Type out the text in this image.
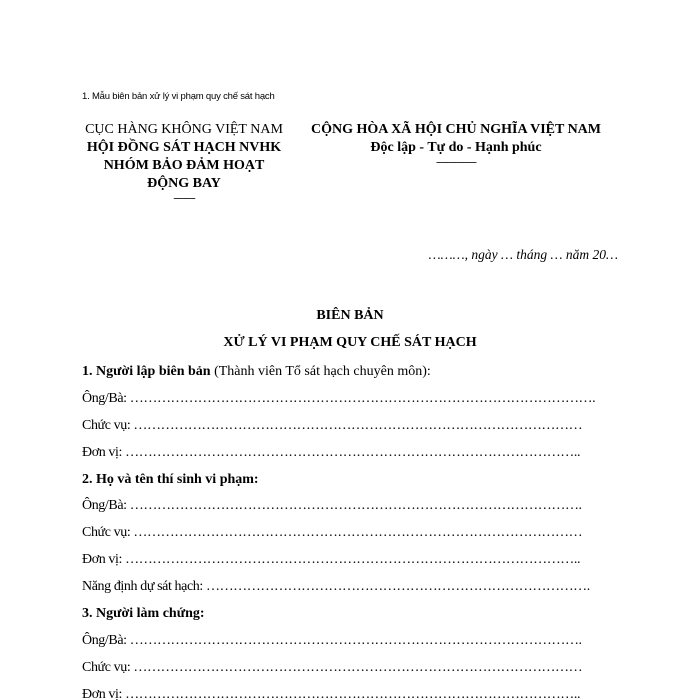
1. Mẫu biên bản xử lý vi phạm quy chế sát hạch
CỤC HÀNG KHÔNG VIỆT NAM
HỘI ĐỒNG SÁT HẠCH NVHK
NHÓM BẢO ĐẢM HOẠT ĐỘNG BAY
--------
CỘNG HÒA XÃ HỘI CHỦ NGHĨA VIỆT NAM
Độc lập - Tự do - Hạnh phúc
---------------
………, ngày … tháng … năm 20…
BIÊN BẢN
XỬ LÝ VI PHẠM QUY CHẾ SÁT HẠCH
1. Người lập biên bản (Thành viên Tổ sát hạch chuyên môn):
Ông/Bà: ………………………………………………………………………………………….
Chức vụ: ………………………………………………………………………………………
Đơn vị: ………………………………………………………………………………………..
2. Họ và tên thí sinh vi phạm:
Ông/Bà: ……………………………………………………………………………………….
Chức vụ: ………………………………………………………………………………………
Đơn vị: ………………………………………………………………………………………..
Năng định dự sát hạch: ………………………………………………………………………….
3. Người làm chứng:
Ông/Bà: ……………………………………………………………………………………….
Chức vụ: ………………………………………………………………………………………
Đơn vị: ………………………………………………………………………………………..
